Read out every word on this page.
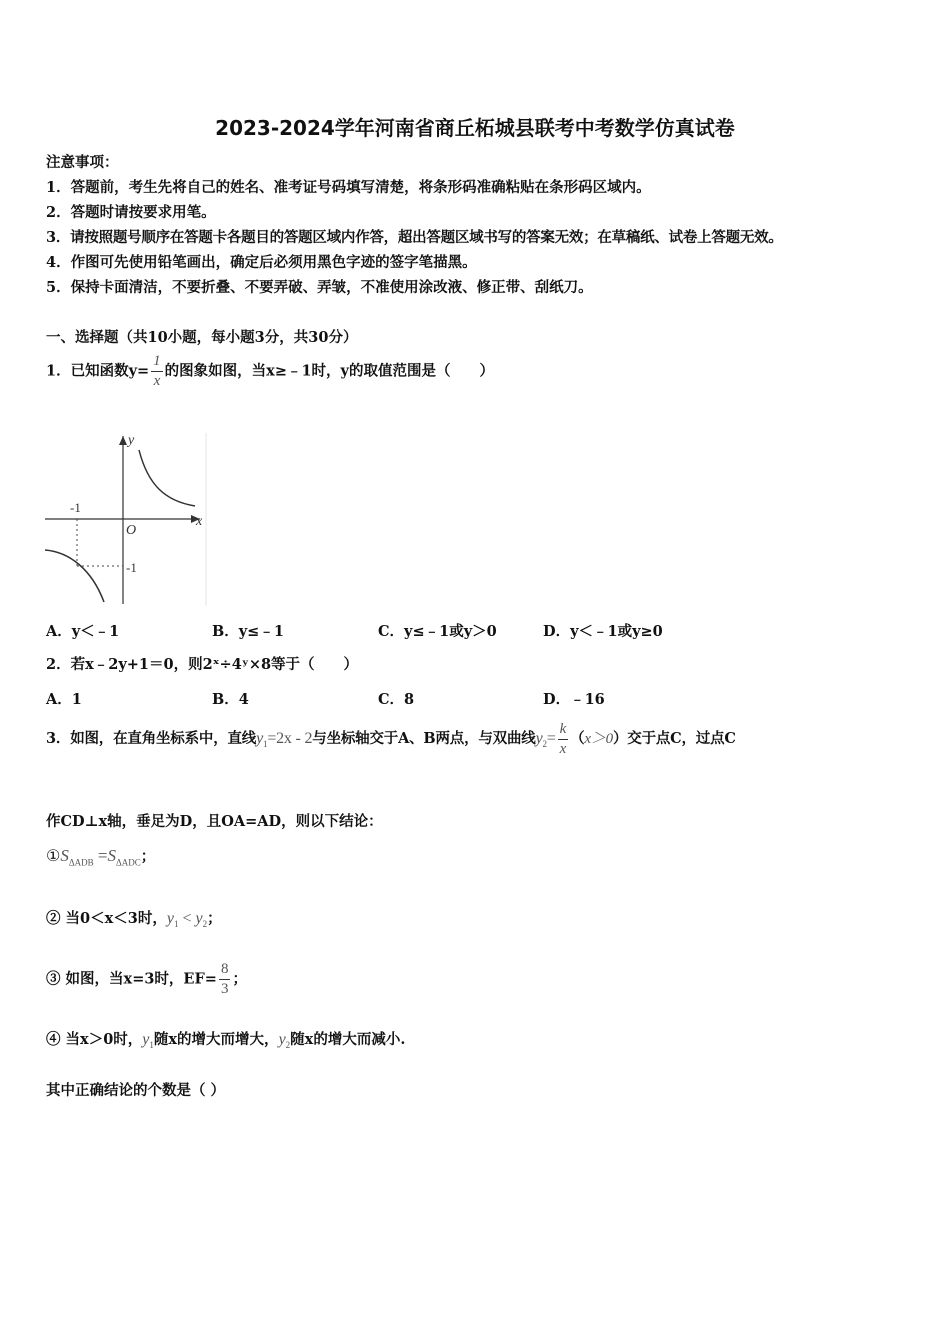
2023-2024学年河南省商丘柘城县联考中考数学仿真试卷
注意事项：
1．答题前，考生先将自己的姓名、准考证号码填写清楚，将条形码准确粘贴在条形码区域内。
2．答题时请按要求用笔。
3．请按照题号顺序在答题卡各题目的答题区域内作答，超出答题区域书写的答案无效；在草稿纸、试卷上答题无效。
4．作图可先使用铅笔画出，确定后必须用黑色字迹的签字笔描黑。
5．保持卡面清洁，不要折叠、不要弄破、弄皱，不准使用涂改液、修正带、刮纸刀。
一、选择题（共10小题，每小题3分，共30分）
1．已知函数$y= \frac{1}{x}$ 的图象如图，当x≥﹣1时，y的取值范围是（　　）
y
x
O
-1
-1
A．y＜﹣1	B．y≤﹣1	C．y≤﹣1或y＞0	D．y＜﹣1或y≥0
2．若x﹣2y+1＝0，则2ˣ÷4ʸ×8等于（　　）
A．1	B．4	C．8	D．﹣16
3．如图，在直角坐标系中，直线$y_1=2x - 2$与坐标轴交于A、B两点，与双曲线$y_2= \frac{k}{x} (x>0)$交于点C，过点C
作CD⊥x轴，垂足为D，且OA=AD，则以下结论：
$①S_{\Delta ADB} =S_{\Delta ADC}$；
② 当0＜x＜3时，$y_1 < y_2$；
③ 如图，当x=3时，$EF= \frac{8}{3}$ ；
④ 当x＞0时，$y_1$随x的增大而增大，$y_2$随x的增大而减小.
其中正确结论的个数是（ ）
